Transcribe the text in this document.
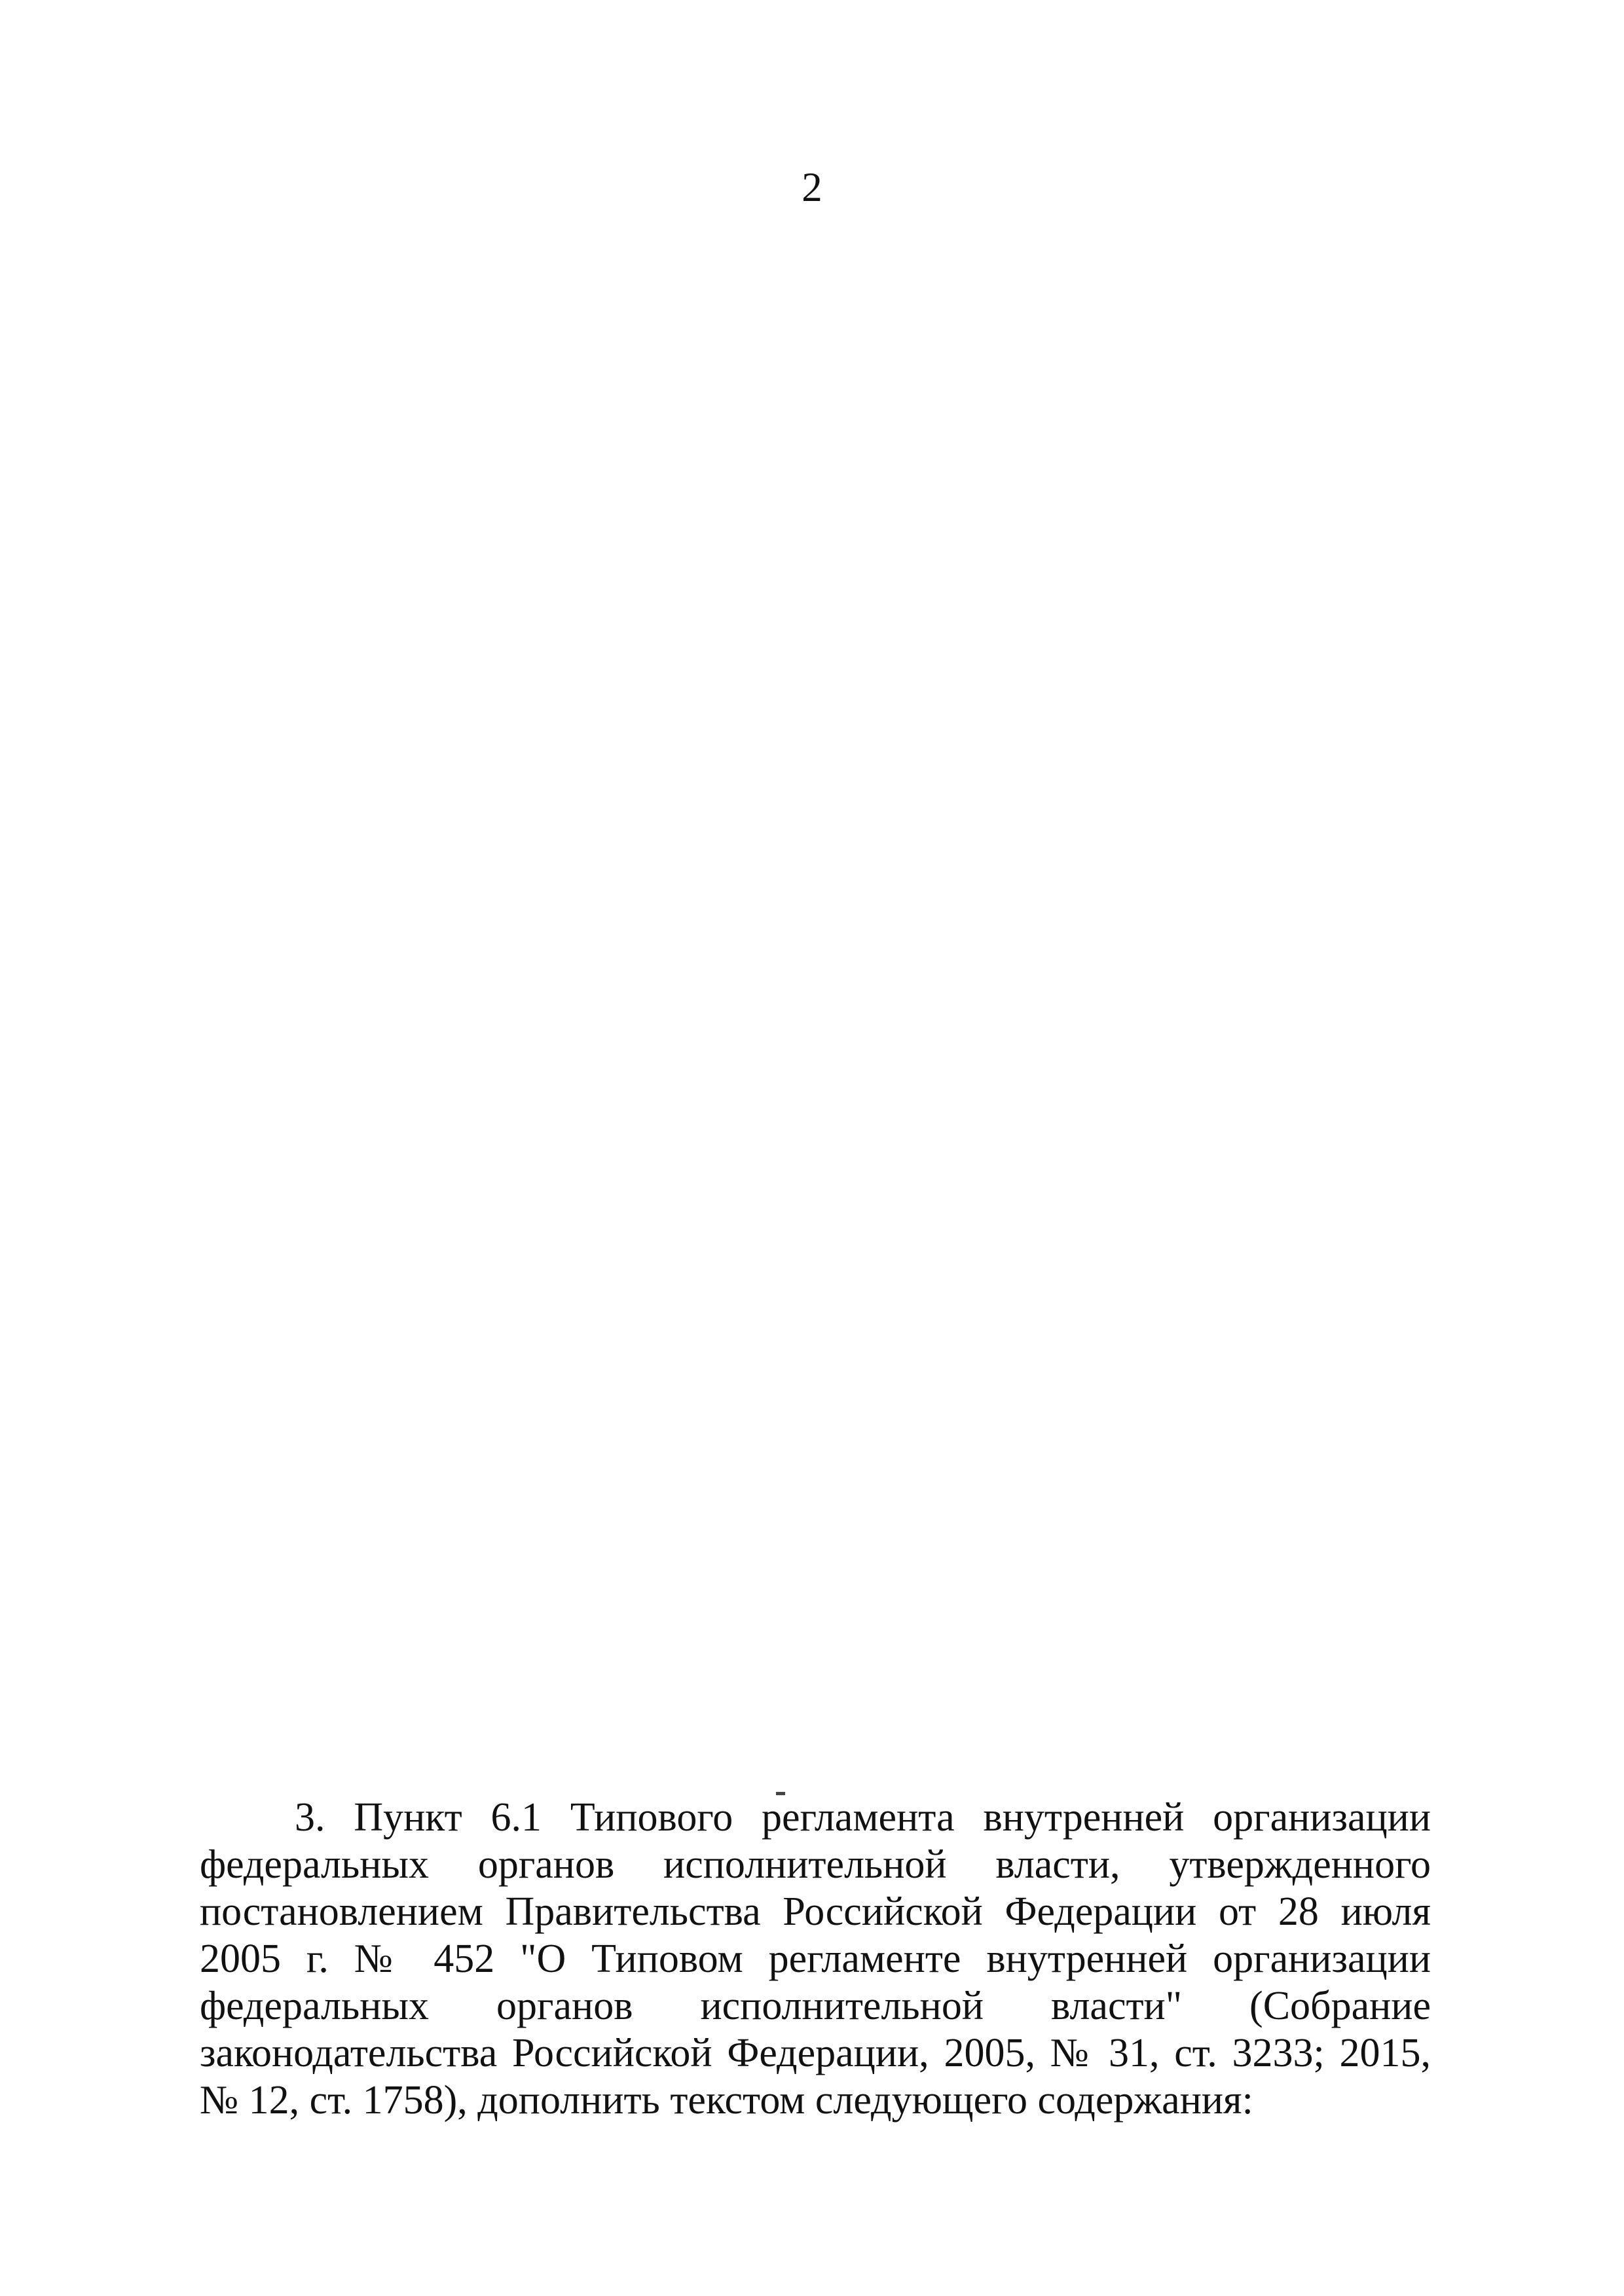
2

3. Пункт 6.1 Типового регламента внутренней организации федеральных органов исполнительной власти, утвержденного постановлением Правительства Российской Федерации от 28 июля 2005 г. № 452 "О Типовом регламенте внутренней организации федеральных органов исполнительной власти" (Собрание законодательства Российской Федерации, 2005, № 31, ст. 3233; 2015, № 12, ст. 1758), дополнить текстом следующего содержания:
